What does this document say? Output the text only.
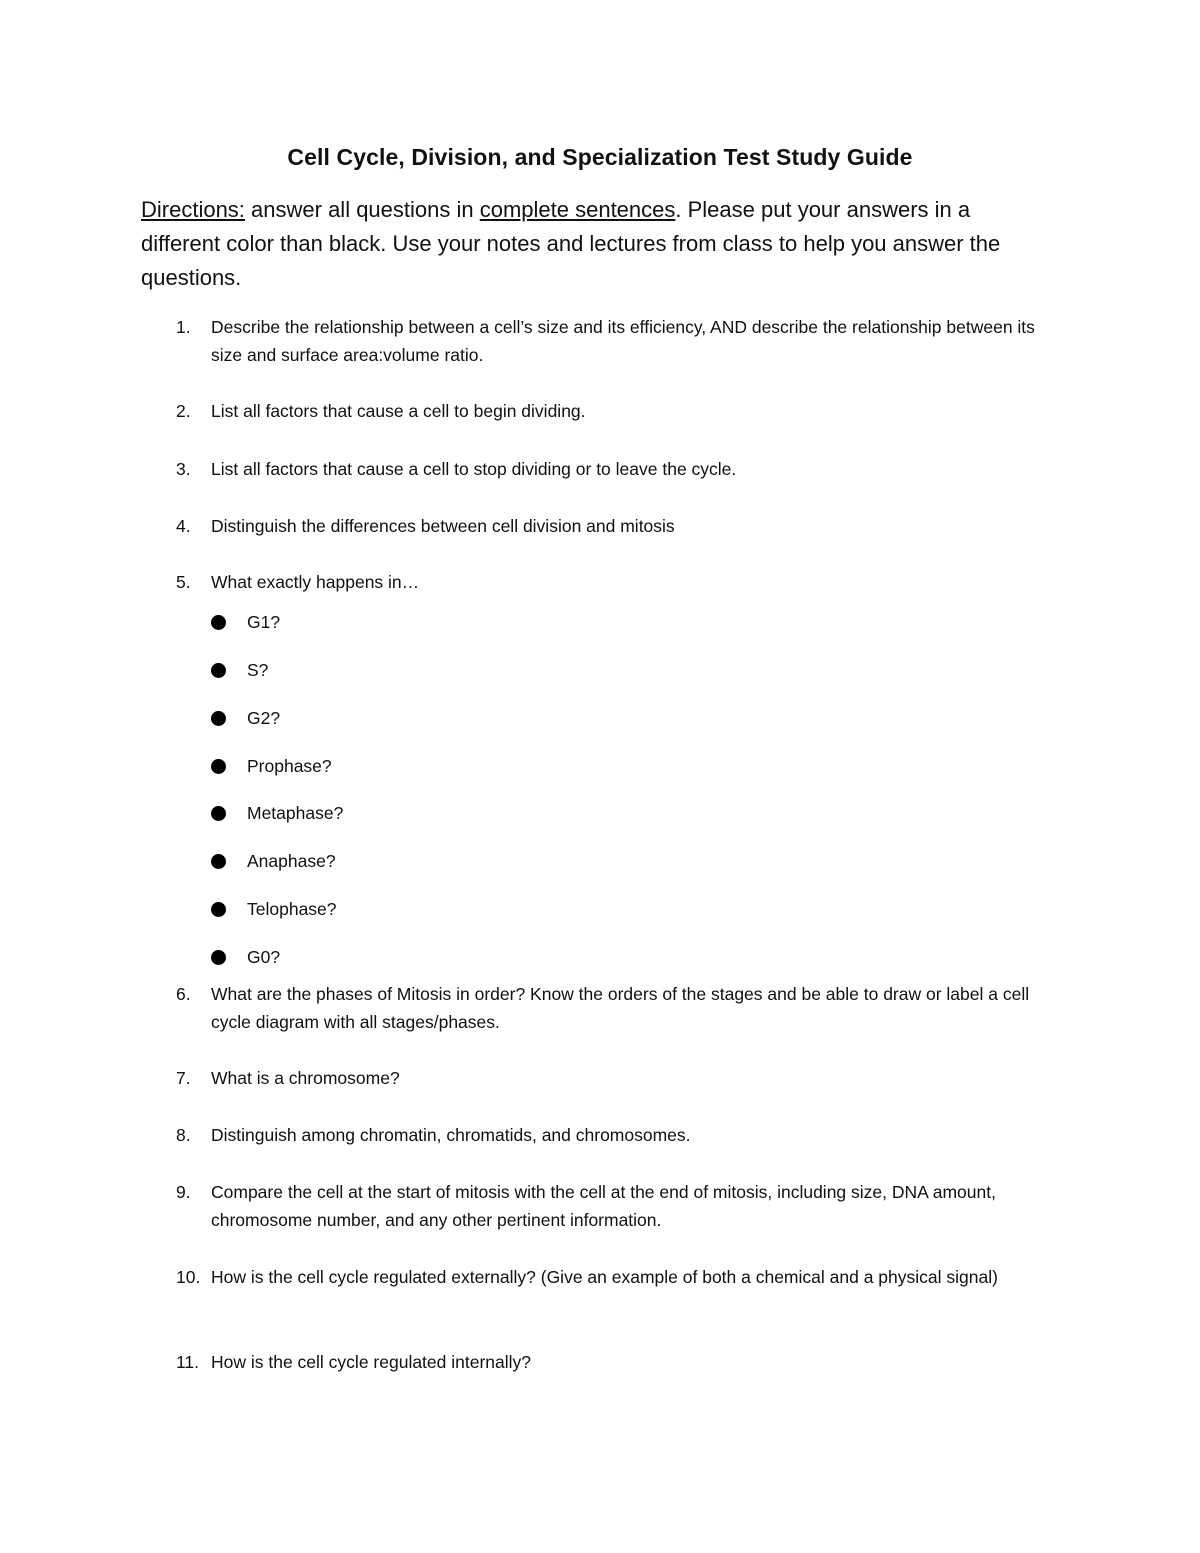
Cell Cycle, Division, and Specialization Test Study Guide
Directions: answer all questions in complete sentences. Please put your answers in a different color than black. Use your notes and lectures from class to help you answer the questions.
1.	Describe the relationship between a cell’s size and its efficiency, AND describe the relationship between its size and surface area:volume ratio.
2.	List all factors that cause a cell to begin dividing.
3.	List all factors that cause a cell to stop dividing or to leave the cycle.
4.	Distinguish the differences between cell division and mitosis
5.	What exactly happens in…
G1?
S?
G2?
Prophase?
Metaphase?
Anaphase?
Telophase?
G0?
6.	What are the phases of Mitosis in order? Know the orders of the stages and be able to draw or label a cell cycle diagram with all stages/phases.
7.	What is a chromosome?
8.	Distinguish among chromatin, chromatids, and chromosomes.
9.	Compare the cell at the start of mitosis with the cell at the end of mitosis, including size, DNA amount, chromosome number, and any other pertinent information.
10. How is the cell cycle regulated externally? (Give an example of both a chemical and a physical signal)
11. How is the cell cycle regulated internally?
